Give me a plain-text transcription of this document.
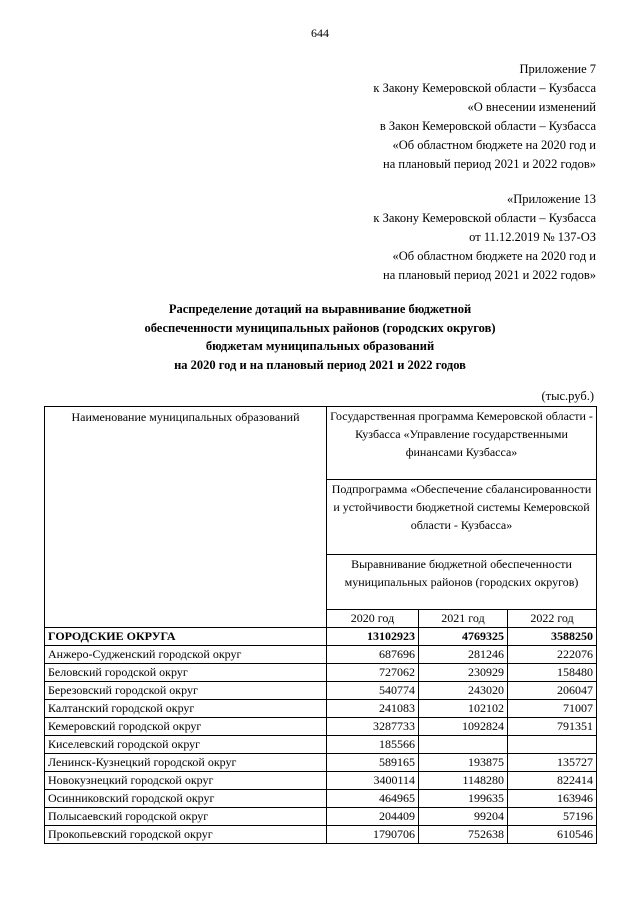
644
Приложение 7
к Закону Кемеровской области – Кузбасса
«О внесении изменений
в Закон Кемеровской области – Кузбасса
«Об областном бюджете на 2020 год и
на плановый период 2021 и 2022 годов»
«Приложение 13
к Закону Кемеровской области – Кузбасса
от 11.12.2019 № 137-ОЗ
«Об областном бюджете на 2020 год и
на плановый период 2021 и 2022 годов»
Распределение дотаций на выравнивание бюджетной
обеспеченности муниципальных районов (городских округов)
бюджетам муниципальных образований
на 2020 год и на плановый период 2021 и 2022 годов
(тыс.руб.)
Наименование муниципальных образований	Государственная программа Кемеровской области - Кузбасса «Управление государственными финансами Кузбасса»		
	Подпрограмма «Обеспечение сбалансированности и устойчивости бюджетной системы Кемеровской области - Кузбасса»		
	Выравнивание бюджетной обеспеченности муниципальных районов (городских округов)		
	2020 год	2021 год	2022 год
ГОРОДСКИЕ ОКРУГА	13102923	4769325	3588250
Анжеро-Судженский городской округ	687696	281246	222076
Беловский городской округ	727062	230929	158480
Березовский городской округ	540774	243020	206047
Калтанский городской округ	241083	102102	71007
Кемеровский городской округ	3287733	1092824	791351
Киселевский городской округ	185566		
Ленинск-Кузнецкий городской округ	589165	193875	135727
Новокузнецкий городской округ	3400114	1148280	822414
Осинниковский городской округ	464965	199635	163946
Полысаевский городской округ	204409	99204	57196
Прокопьевский городской округ	1790706	752638	610546
